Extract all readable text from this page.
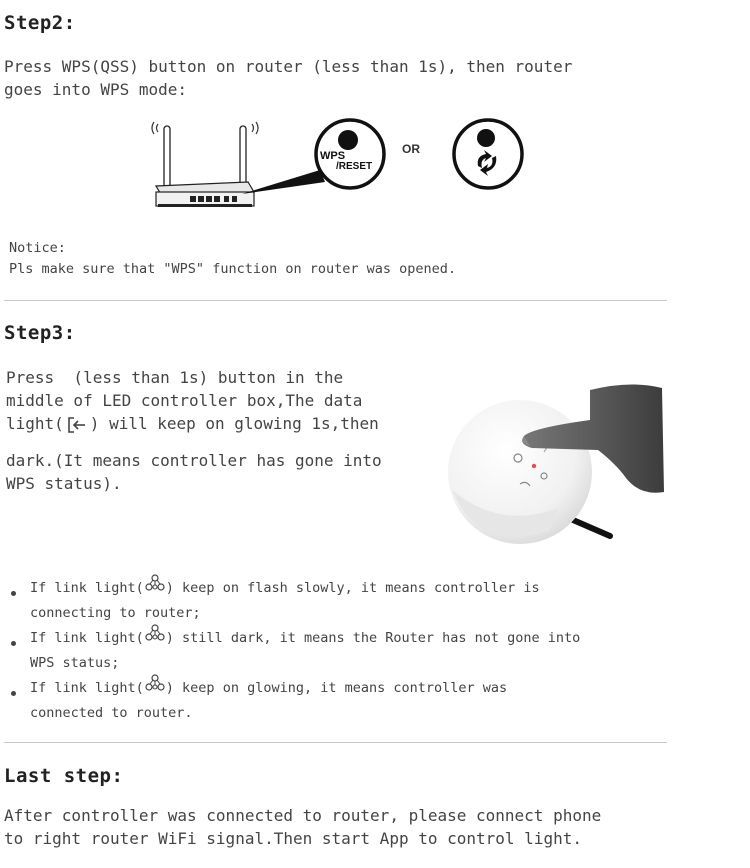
Step2:
Press WPS(QSS) button on router (less than 1s), then router
goes into WPS mode:
WPS
/RESET
OR
Notice:
Pls make sure that "WPS" function on router was opened.
Step3:
Press  (less than 1s) button in the
middle of LED controller box,The data
light( ) will keep on glowing 1s,then
dark.(It means controller has gone into
WPS status).
If link light( ) keep on flash slowly, it means controller is
connecting to router;
If link light( ) still dark, it means the Router has not gone into
WPS status;
If link light( ) keep on glowing, it means controller was
connected to router.
Last step:
After controller was connected to router, please connect phone
to right router WiFi signal.Then start App to control light.
